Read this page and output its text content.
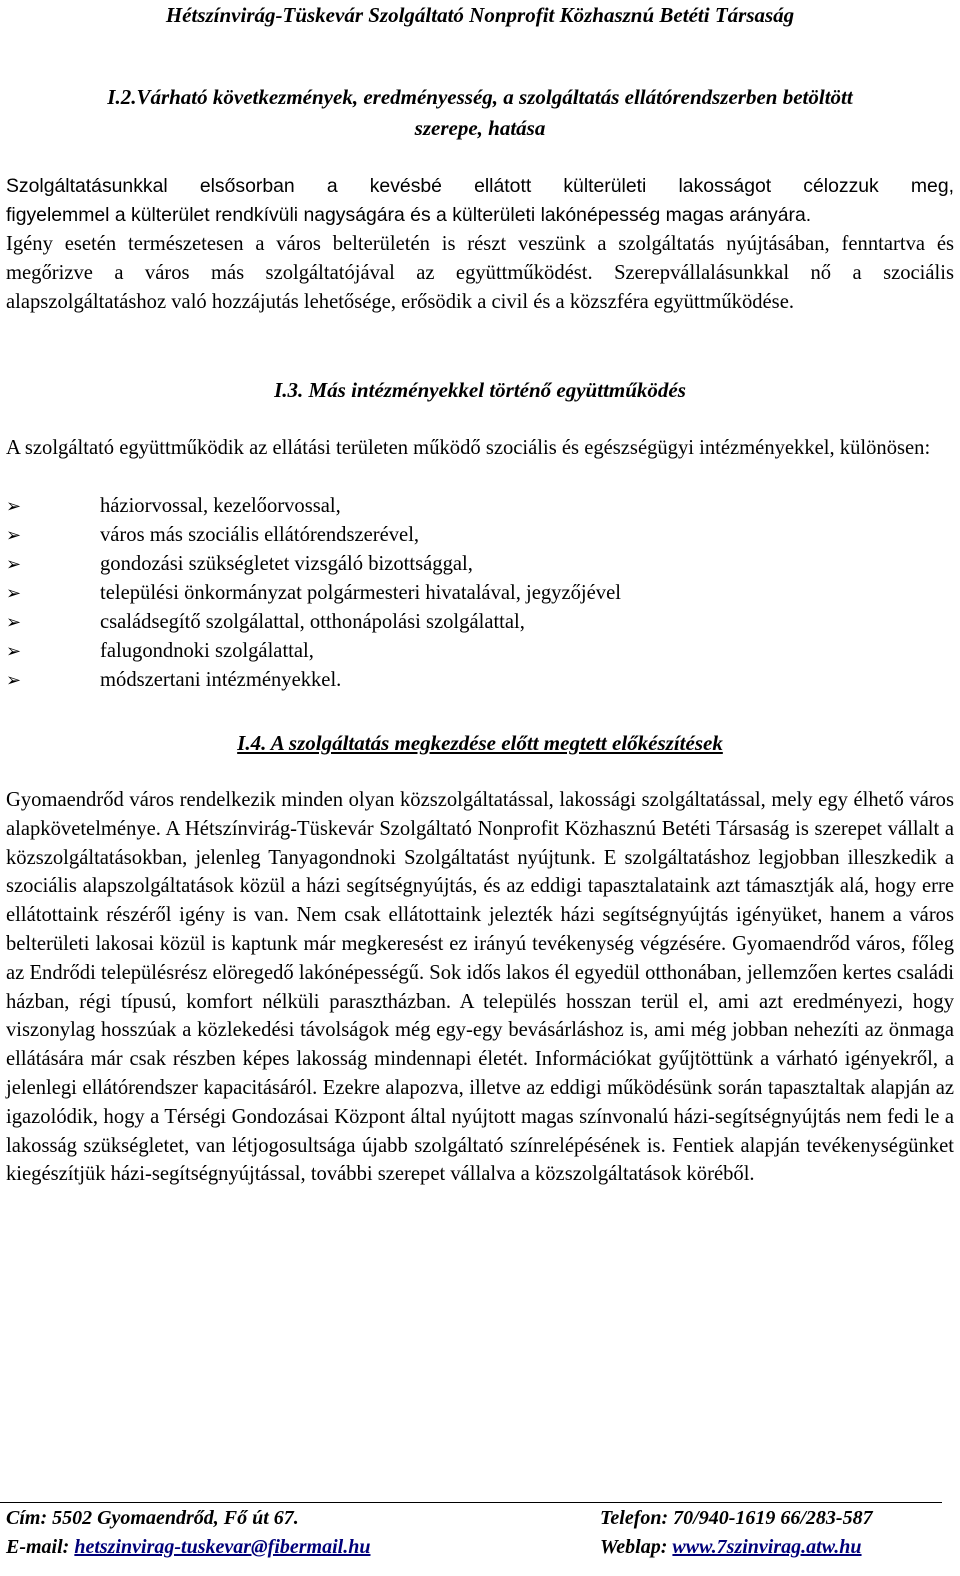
Hétszínvirág-Tüskevár Szolgáltató Nonprofit Közhasznú Betéti Társaság
I.2.Várható következmények, eredményesség, a szolgáltatás ellátórendszerben betöltött
szerepe, hatása
Szolgáltatásunkkal elsősorban a kevésbé ellátott külterületi lakosságot célozzuk meg,
figyelemmel a külterület rendkívüli nagyságára és a külterületi lakónépesség magas arányára.
Igény esetén természetesen a város belterületén is részt veszünk a szolgáltatás nyújtásában, fenntartva és megőrizve a város más szolgáltatójával az együttműködést. Szerepvállalásunkkal nő a szociális alapszolgáltatáshoz való hozzájutás lehetősége, erősödik a civil és a közszféra együttműködése.
I.3. Más intézményekkel történő együttműködés
A szolgáltató együttműködik az ellátási területen működő szociális és egészségügyi intézményekkel, különösen:
➢	háziorvossal, kezelőorvossal,
➢	város más szociális ellátórendszerével,
➢	gondozási szükségletet vizsgáló bizottsággal,
➢	települési önkormányzat polgármesteri hivatalával, jegyzőjével
➢	családsegítő szolgálattal, otthonápolási szolgálattal,
➢	falugondnoki szolgálattal,
➢	módszertani intézményekkel.
I.4. A szolgáltatás megkezdése előtt megtett előkészítések
Gyomaendrőd város rendelkezik minden olyan közszolgáltatással, lakossági szolgáltatással, mely egy élhető város alapkövetelménye. A Hétszínvirág-Tüskevár Szolgáltató Nonprofit Közhasznú Betéti Társaság is szerepet vállalt a közszolgáltatásokban, jelenleg Tanyagondnoki Szolgáltatást nyújtunk. E szolgáltatáshoz legjobban illeszkedik a szociális alapszolgáltatások közül a házi segítségnyújtás, és az eddigi tapasztalataink azt támasztják alá, hogy erre ellátottaink részéről igény is van. Nem csak ellátottaink jelezték házi segítségnyújtás igényüket, hanem a város belterületi lakosai közül is kaptunk már megkeresést ez irányú tevékenység végzésére. Gyomaendrőd város, főleg az Endrődi településrész elöregedő lakónépességű. Sok idős lakos él egyedül otthonában, jellemzően kertes családi házban, régi típusú, komfort nélküli parasztházban. A település hosszan terül el, ami azt eredményezi, hogy viszonylag hosszúak a közlekedési távolságok még egy-egy bevásárláshoz is, ami még jobban nehezíti az önmaga ellátására már csak részben képes lakosság mindennapi életét. Információkat gyűjtöttünk a várható igényekről, a jelenlegi ellátórendszer kapacitásáról. Ezekre alapozva, illetve az eddigi működésünk során tapasztaltak alapján az igazolódik, hogy a Térségi Gondozásai Központ által nyújtott magas színvonalú házi-segítségnyújtás nem fedi le a lakosság szükségletet, van létjogosultsága újabb szolgáltató színrelépésének is. Fentiek alapján tevékenységünket kiegészítjük házi-segítségnyújtással, további szerepet vállalva a közszolgáltatások köréből.
Cím: 5502 Gyomaendrőd, Fő út 67.	Telefon: 70/940-1619 66/283-587
E-mail: hetszinvirag-tuskevar@fibermail.hu	Weblap: www.7szinvirag.atw.hu
